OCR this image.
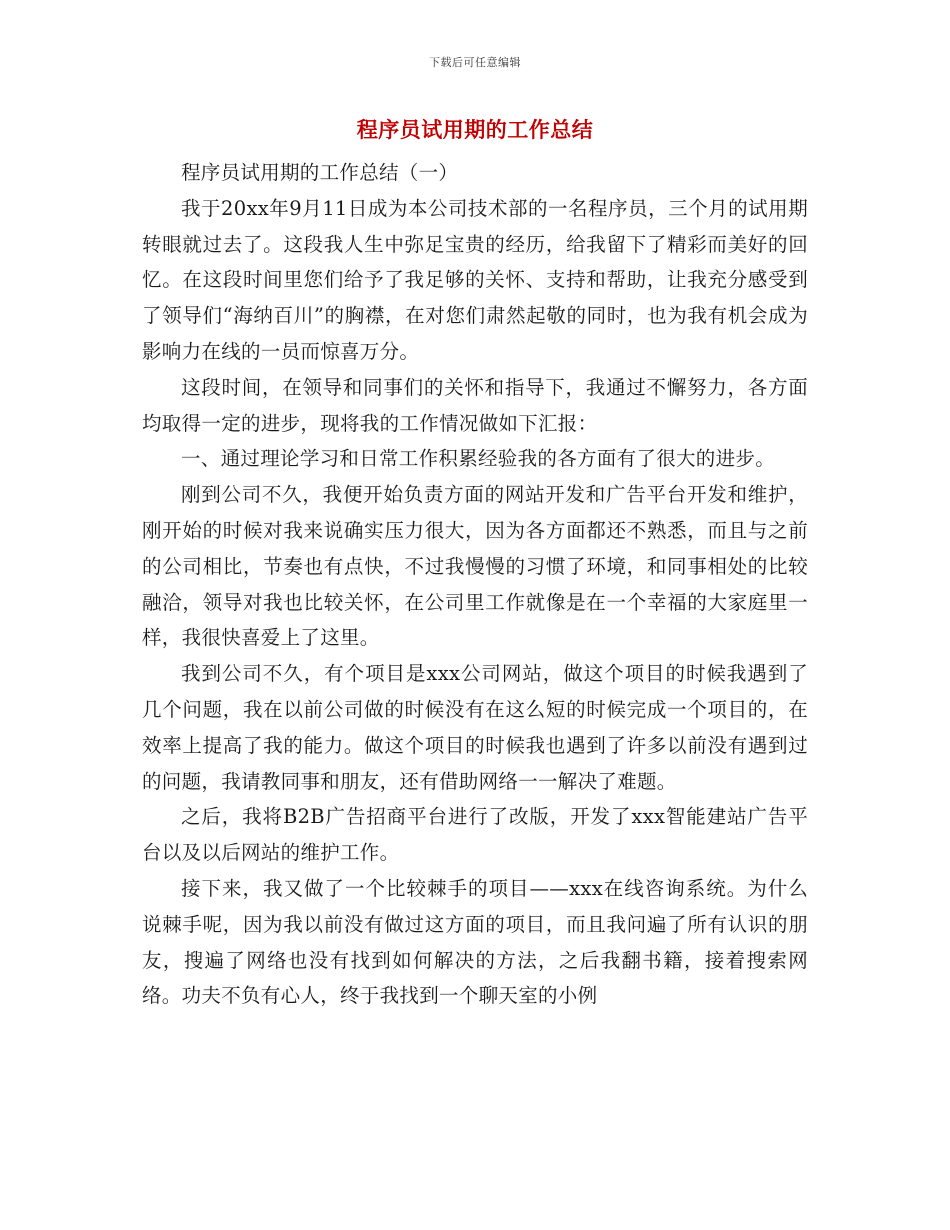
下载后可任意编辑
程序员试用期的工作总结

程序员试用期的工作总结（一）

我于20xx年9月11日成为本公司技术部的一名程序员，三个月的试用期转眼就过去了。这段我人生中弥足宝贵的经历，给我留下了精彩而美好的回忆。在这段时间里您们给予了我足够的关怀、支持和帮助，让我充分感受到了领导们“海纳百川”的胸襟，在对您们肃然起敬的同时，也为我有机会成为影响力在线的一员而惊喜万分。

这段时间，在领导和同事们的关怀和指导下，我通过不懈努力，各方面均取得一定的进步，现将我的工作情况做如下汇报：

一、通过理论学习和日常工作积累经验我的各方面有了很大的进步。

刚到公司不久，我便开始负责方面的网站开发和广告平台开发和维护，刚开始的时候对我来说确实压力很大，因为各方面都还不熟悉，而且与之前的公司相比，节奏也有点快，不过我慢慢的习惯了环境，和同事相处的比较融洽，领导对我也比较关怀，在公司里工作就像是在一个幸福的大家庭里一样，我很快喜爱上了这里。

我到公司不久，有个项目是xxx公司网站，做这个项目的时候我遇到了几个问题，我在以前公司做的时候没有在这么短的时候完成一个项目的，在效率上提高了我的能力。做这个项目的时候我也遇到了许多以前没有遇到过的问题，我请教同事和朋友，还有借助网络一一解决了难题。

之后，我将B2B广告招商平台进行了改版，开发了xxx智能建站广告平台以及以后网站的维护工作。

接下来，我又做了一个比较棘手的项目——xxx在线咨询系统。为什么说棘手呢，因为我以前没有做过这方面的项目，而且我问遍了所有认识的朋友，搜遍了网络也没有找到如何解决的方法，之后我翻书籍，接着搜索网络。功夫不负有心人，终于我找到一个聊天室的小例
